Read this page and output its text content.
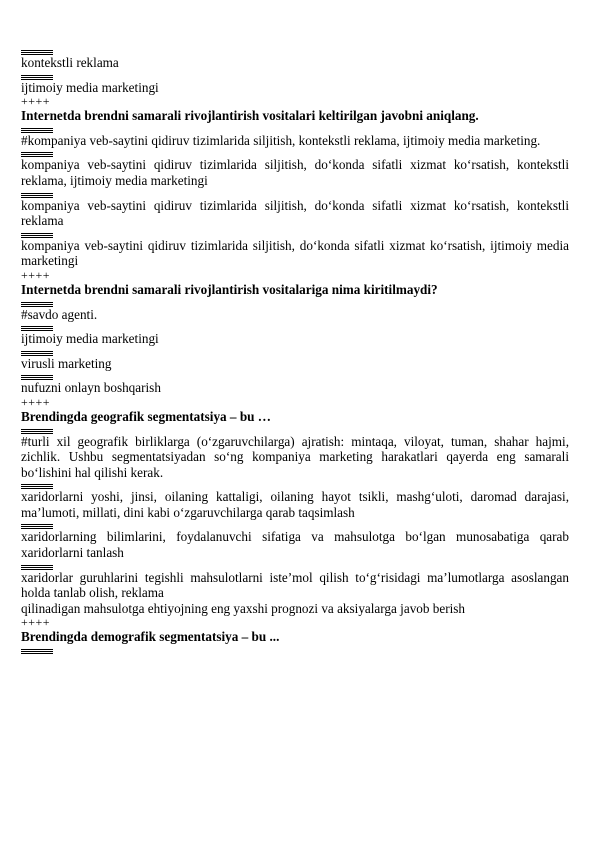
kontekstli reklama
ijtimoiy media marketingi
++++
Internetda brendni samarali rivojlantirish vositalari keltirilgan javobni aniqlang.
#kompaniya veb-saytini qidiruv tizimlarida siljitish, kontekstli reklama, ijtimoiy media marketing.
kompaniya veb-saytini qidiruv tizimlarida siljitish, do‘konda sifatli xizmat ko‘rsatish, kontekstli reklama, ijtimoiy media marketingi
kompaniya veb-saytini qidiruv tizimlarida siljitish, do‘konda sifatli xizmat ko‘rsatish, kontekstli reklama
kompaniya veb-saytini qidiruv tizimlarida siljitish, do‘konda sifatli xizmat ko‘rsatish, ijtimoiy media marketingi
++++
Internetda brendni samarali rivojlantirish vositalariga nima kiritilmaydi?
#savdo agenti.
ijtimoiy media marketingi
virusli marketing
nufuzni onlayn boshqarish
++++
Brendingda geografik segmentatsiya – bu …
#turli xil geografik birliklarga (o‘zgaruvchilarga) ajratish: mintaqa, viloyat, tuman, shahar hajmi, zichlik. Ushbu segmentatsiyadan so‘ng kompaniya marketing harakatlari qayerda eng samarali bo‘lishini hal qilishi kerak.
xaridorlarni yoshi, jinsi, oilaning kattaligi, oilaning hayot tsikli, mashg‘uloti, daromad darajasi, ma’lumoti, millati, dini kabi o‘zgaruvchilarga qarab taqsimlash
xaridorlarning bilimlarini, foydalanuvchi sifatiga va mahsulotga bo‘lgan munosabatiga qarab xaridorlarni tanlash
xaridorlar guruhlarini tegishli mahsulotlarni iste’mol qilish to‘g‘risidagi ma’lumotlarga asoslangan holda tanlab olish, reklama
qilinadigan mahsulotga ehtiyojning eng yaxshi prognozi va aksiyalarga javob berish
++++
Brendingda demografik segmentatsiya – bu ...
